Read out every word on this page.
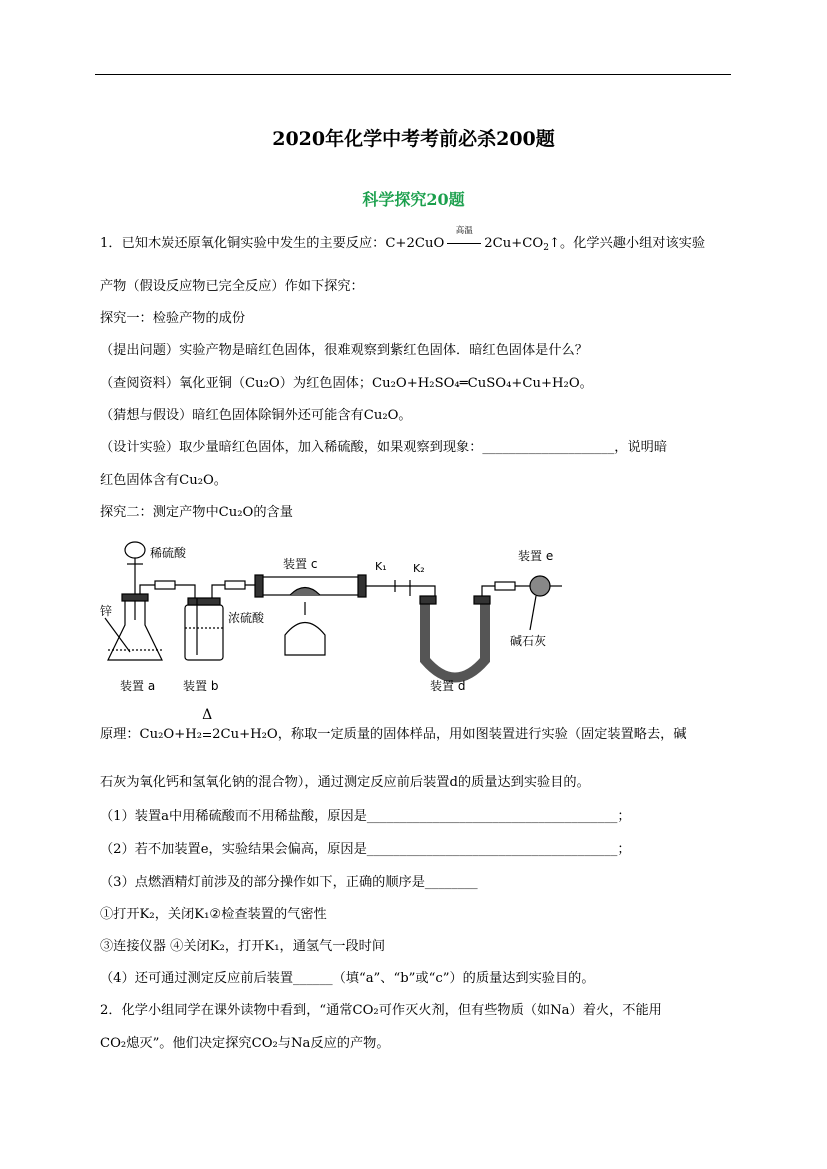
2020年化学中考考前必杀200题
科学探究20题
1．已知木炭还原氧化铜实验中发生的主要反应：C+2CuO
高温
$2Cu+CO_2↑$。化学兴趣小组对该实验
产物（假设反应物已完全反应）作如下探究：
探究一：检验产物的成份
（提出问题）实验产物是暗红色固体，很难观察到紫红色固体．暗红色固体是什么？
（查阅资料）氧化亚铜（Cu₂O）为红色固体；Cu₂O+H₂SO₄═CuSO₄+Cu+H₂O。
（猜想与假设）暗红色固体除铜外还可能含有Cu₂O。
（设计实验）取少量暗红色固体，加入稀硫酸，如果观察到现象：____________________，说明暗
红色固体含有Cu₂O。
探究二：测定产物中Cu₂O的含量
稀硫酸
锌	浓硫酸
装置 c	K₁ K₂
装置 e
碱石灰
装置 a 装置 b	装置 d
原理：Cu₂O+H₂
Δ
2Cu+H₂O，称取一定质量的固体样品，用如图装置进行实验（固定装置略去，碱
石灰为氧化钙和氢氧化钠的混合物），通过测定反应前后装置d的质量达到实验目的。
（1）装置a中用稀硫酸而不用稀盐酸，原因是______________________________________；
（2）若不加装置e，实验结果会偏高，原因是______________________________________；
（3）点燃酒精灯前涉及的部分操作如下，正确的顺序是________
①打开K₂，关闭K₁②检查装置的气密性
③连接仪器 ④关闭K₂，打开K₁，通氢气一段时间
（4）还可通过测定反应前后装置______（填“a”、“b”或“c”）的质量达到实验目的。
2．化学小组同学在课外读物中看到，“通常CO₂可作灭火剂，但有些物质（如Na）着火，不能用
CO₂熄灭”。他们决定探究CO₂与Na反应的产物。
